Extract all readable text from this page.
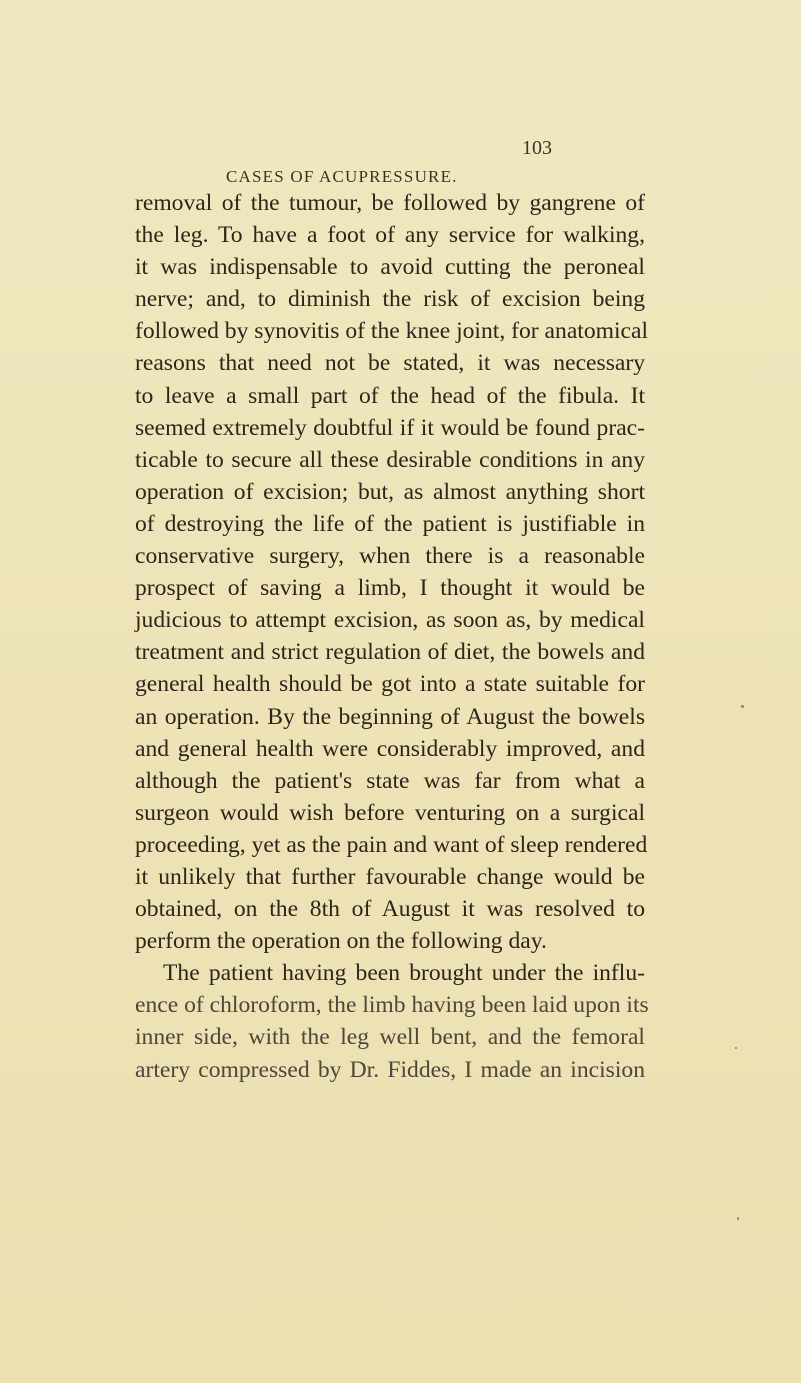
CASES OF ACUPRESSURE.
103
removal of the tumour, be followed by gangrene of
the leg. To have a foot of any service for walking,
it was indispensable to avoid cutting the peroneal
nerve; and, to diminish the risk of excision being
followed by synovitis of the knee joint, for anatomical
reasons that need not be stated, it was necessary
to leave a small part of the head of the fibula. It
seemed extremely doubtful if it would be found prac-
ticable to secure all these desirable conditions in any
operation of excision; but, as almost anything short
of destroying the life of the patient is justifiable in
conservative surgery, when there is a reasonable
prospect of saving a limb, I thought it would be
judicious to attempt excision, as soon as, by medical
treatment and strict regulation of diet, the bowels and
general health should be got into a state suitable for
an operation. By the beginning of August the bowels
and general health were considerably improved, and
although the patient's state was far from what a
surgeon would wish before venturing on a surgical
proceeding, yet as the pain and want of sleep rendered
it unlikely that further favourable change would be
obtained, on the 8th of August it was resolved to
perform the operation on the following day.
The patient having been brought under the influ-
ence of chloroform, the limb having been laid upon its
inner side, with the leg well bent, and the femoral
artery compressed by Dr. Fiddes, I made an incision
